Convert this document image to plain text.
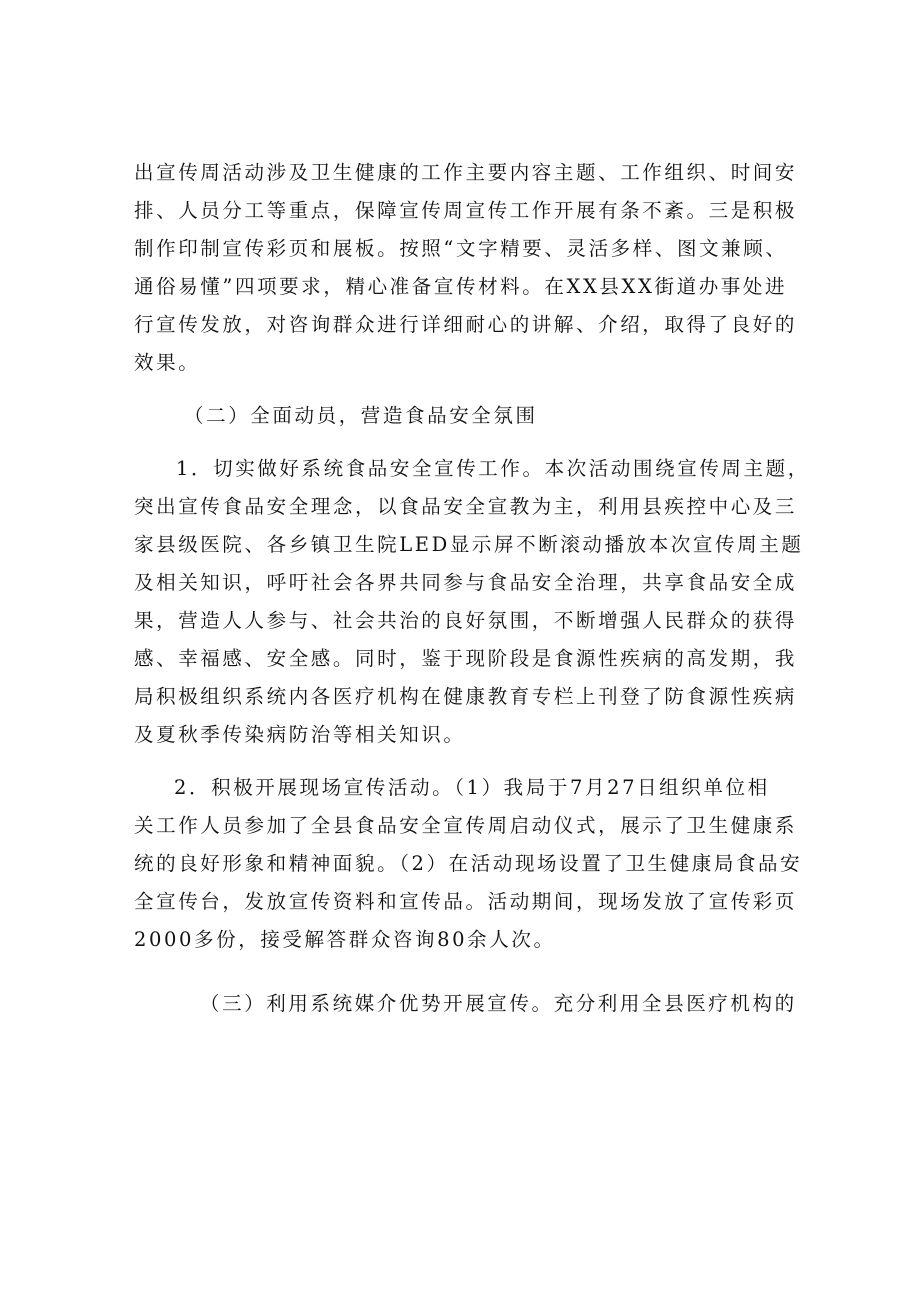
出宣传周活动涉及卫生健康的工作主要内容主题、工作组织、时间安
排、人员分工等重点，保障宣传周宣传工作开展有条不紊。三是积极
制作印制宣传彩页和展板。按照“文字精要、灵活多样、图文兼顾、
通俗易懂”四项要求，精心准备宣传材料。在XX县XX街道办事处进
行宣传发放，对咨询群众进行详细耐心的讲解、介绍，取得了良好的
效果。
（二）全面动员，营造食品安全氛围
1．切实做好系统食品安全宣传工作。本次活动围绕宣传周主题，
突出宣传食品安全理念，以食品安全宣教为主，利用县疾控中心及三
家县级医院、各乡镇卫生院LED显示屏不断滚动播放本次宣传周主题
及相关知识，呼吁社会各界共同参与食品安全治理，共享食品安全成
果，营造人人参与、社会共治的良好氛围，不断增强人民群众的获得
感、幸福感、安全感。同时，鉴于现阶段是食源性疾病的高发期，我
局积极组织系统内各医疗机构在健康教育专栏上刊登了防食源性疾病
及夏秋季传染病防治等相关知识。
2．积极开展现场宣传活动。（1）我局于7月27日组织单位相
关工作人员参加了全县食品安全宣传周启动仪式，展示了卫生健康系
统的良好形象和精神面貌。（2）在活动现场设置了卫生健康局食品安
全宣传台，发放宣传资料和宣传品。活动期间，现场发放了宣传彩页
2000多份，接受解答群众咨询80余人次。
（三）利用系统媒介优势开展宣传。充分利用全县医疗机构的
